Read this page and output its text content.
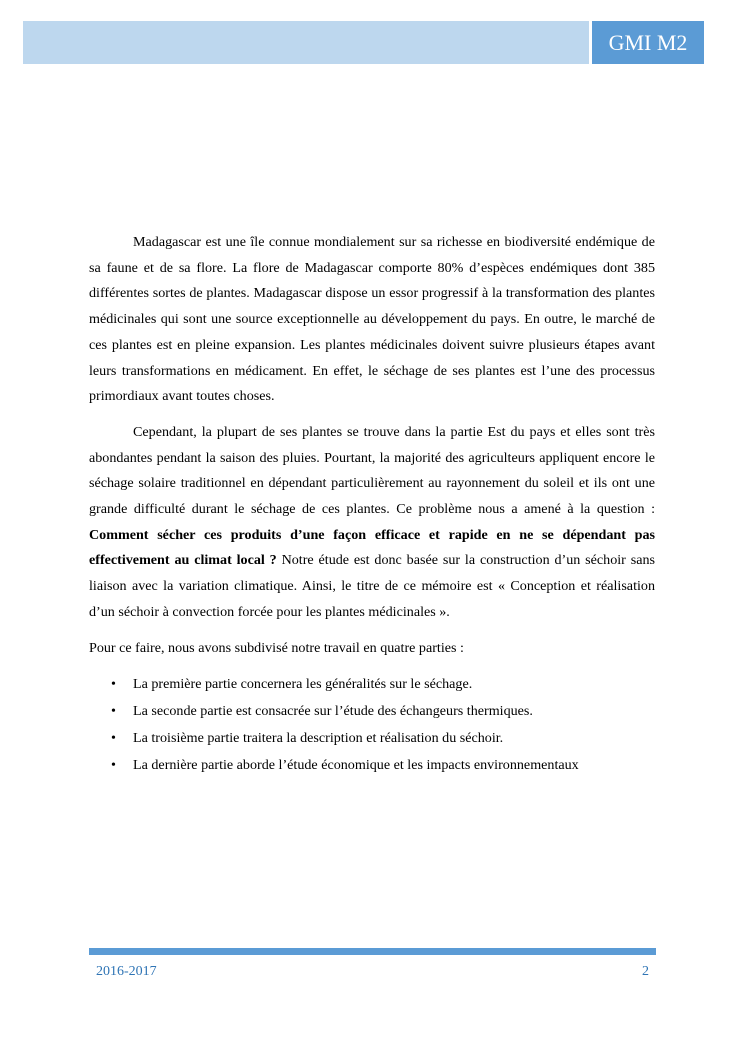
GMI M2

Madagascar est une île connue mondialement sur sa richesse en biodiversité endémique de sa faune et de sa flore. La flore de Madagascar comporte 80% d’espèces endémiques dont 385 différentes sortes de plantes. Madagascar dispose un essor progressif à la transformation des plantes médicinales qui sont une source exceptionnelle au développement du pays. En outre, le marché de ces plantes est en pleine expansion. Les plantes médicinales doivent suivre plusieurs étapes avant leurs transformations en médicament. En effet, le séchage de ses plantes est l’une des processus primordiaux avant toutes choses.

Cependant, la plupart de ses plantes se trouve dans la partie Est du pays et elles sont très abondantes pendant la saison des pluies. Pourtant, la majorité des agriculteurs appliquent encore le séchage solaire traditionnel en dépendant particulièrement au rayonnement du soleil et ils ont une grande difficulté durant le séchage de ces plantes. Ce problème nous a amené à la question : Comment sécher ces produits d’une façon efficace et rapide en ne se dépendant pas effectivement au climat local ? Notre étude est donc basée sur la construction d’un séchoir sans liaison avec la variation climatique. Ainsi, le titre de ce mémoire est « Conception et réalisation d’un séchoir à convection forcée pour les plantes médicinales ».

Pour ce faire, nous avons subdivisé notre travail en quatre parties :

• La première partie concernera les généralités sur le séchage.
• La seconde partie est consacrée sur l’étude des échangeurs thermiques.
• La troisième partie traitera la description et réalisation du séchoir.
• La dernière partie aborde l’étude économique et les impacts environnementaux
2016-2017	2
